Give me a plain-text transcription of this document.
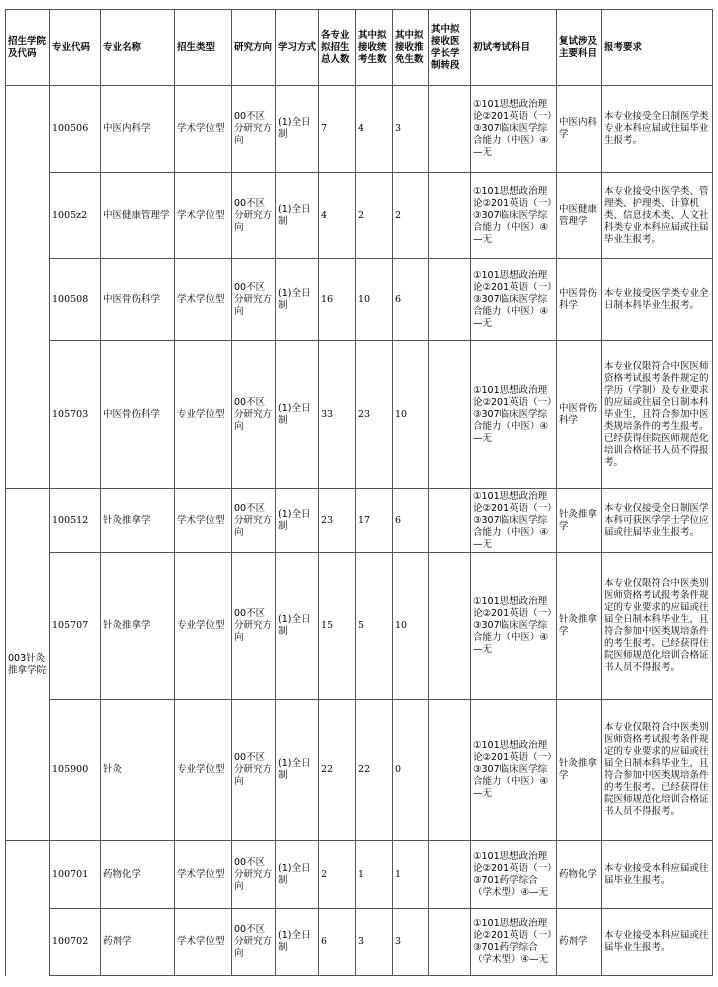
招生学院及代码	专业代码	专业名称	招生类型	研究方向	学习方式	各专业拟招生总人数	其中拟接收统考生数	其中拟接收推免生数	其中拟接收医学长学制转段	初试考试科目	复试涉及主要科目	报考要求
	100506	中医内科学	学术学位型	00不区分研究方向	(1)全日制	7	4	3		①101思想政治理论②201英语（一）③307临床医学综合能力（中医）④—无	中医内科学	本专业接受全日制医学类专业本科应届或往届毕业生报考。
	1005z2	中医健康管理学	学术学位型	00不区分研究方向	(1)全日制	4	2	2		①101思想政治理论②201英语（一）③307临床医学综合能力（中医）④—无	中医健康管理学	本专业接受中医学类、管理类、护理类、计算机类、信息技术类、人文社科类专业本科应届或往届毕业生报考。
	100508	中医骨伤科学	学术学位型	00不区分研究方向	(1)全日制	16	10	6		①101思想政治理论②201英语（一）③307临床医学综合能力（中医）④—无	中医骨伤科学	本专业接受医学类专业全日制本科毕业生报考。
	105703	中医骨伤科学	专业学位型	00不区分研究方向	(1)全日制	33	23	10		①101思想政治理论②201英语（一）③307临床医学综合能力（中医）④—无	中医骨伤科学	本专业仅限符合中医医师资格考试报考条件规定的学历（学制）及专业要求的应届或往届全日制本科毕业生，且符合参加中医类规培条件的考生报考。已经获得住院医师规范化培训合格证书人员不得报考。
003针灸推拿学院	100512	针灸推拿学	学术学位型	00不区分研究方向	(1)全日制	23	17	6		①101思想政治理论②201英语（一）③307临床医学综合能力（中医）④—无	针灸推拿学	本专业仅接受全日制医学本科可获医学学士学位应届或往届毕业生报考。
	105707	针灸推拿学	专业学位型	00不区分研究方向	(1)全日制	15	5	10		①101思想政治理论②201英语（一）③307临床医学综合能力（中医）④—无	针灸推拿学	本专业仅限符合中医类别医师资格考试报考条件规定的专业要求的应届或往届全日制本科毕业生，且符合参加中医类规培条件的考生报考。已经获得住院医师规范化培训合格证书人员不得报考。
	105900	针灸	专业学位型	00不区分研究方向	(1)全日制	22	22	0		①101思想政治理论②201英语（一）③307临床医学综合能力（中医）④—无	针灸推拿学	本专业仅限符合中医类别医师资格考试报考条件规定的专业要求的应届或往届全日制本科毕业生，且符合参加中医类规培条件的考生报考。已经获得住院医师规范化培训合格证书人员不得报考。
	100701	药物化学	学术学位型	00不区分研究方向	(1)全日制	2	1	1		①101思想政治理论②201英语（一）③701药学综合（学术型）④—无	药物化学	本专业接受本科应届或往届毕业生报考。
	100702	药剂学	学术学位型	00不区分研究方向	(1)全日制	6	3	3		①101思想政治理论②201英语（一）③701药学综合（学术型）④—无	药剂学	本专业接受本科应届或往届毕业生报考。
